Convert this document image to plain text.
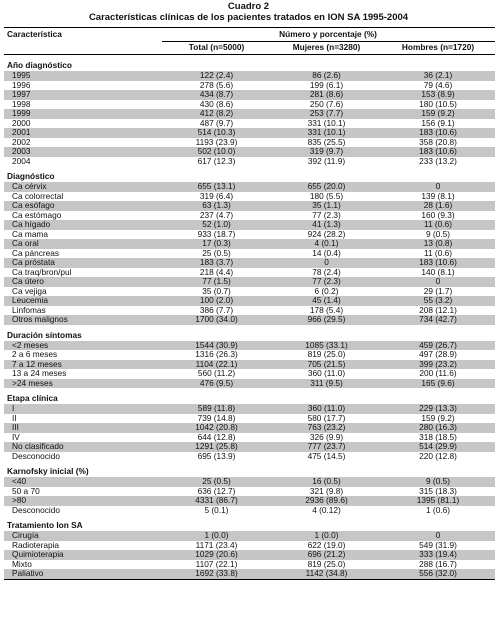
Cuadro 2
Características clínicas de los pacientes tratados en ION SA 1995-2004
Característica	Número y porcentaje (%)		
	Total (n=5000)	Mujeres (n=3280)	Hombres (n=1720)

Año diagnóstico			
1995	122 (2.4)	86 (2.6)	36 (2.1)
1996	278 (5.6)	199 (6.1)	79 (4.6)
1997	434 (8.7)	281 (8.6)	153 (8.9)
1998	430 (8.6)	250 (7.6)	180 (10.5)
1999	412 (8.2)	253 (7.7)	159 (9.2)
2000	487 (9.7)	331 (10.1)	156 (9.1)
2001	514 (10.3)	331 (10.1)	183 (10.6)
2002	1193 (23.9)	835 (25.5)	358 (20.8)
2003	502 (10.0)	319 (9.7)	183 (10.6)
2004	617 (12.3)	392 (11.9)	233 (13.2)

Diagnóstico			
Ca cérvix	655 (13.1)	655 (20.0)	0
Ca colorrectal	319 (6.4)	180 (5.5)	139 (8.1)
Ca esófago	63 (1.3)	35 (1.1)	28 (1.6)
Ca estómago	237 (4.7)	77 (2.3)	160 (9.3)
Ca hígado	52 (1.0)	41 (1.3)	11 (0.6)
Ca mama	933 (18.7)	924 (28.2)	9 (0.5)
Ca oral	17 (0.3)	4 (0.1)	13 (0.8)
Ca páncreas	25 (0.5)	14 (0.4)	11 (0.6)
Ca próstata	183 (3.7)	0	183 (10.6)
Ca traq/bron/pul	218 (4.4)	78 (2.4)	140 (8.1)
Ca útero	77 (1.5)	77 (2.3)	0
Ca vejiga	35 (0.7)	6 (0.2)	29 (1.7)
Leucemia	100 (2.0)	45 (1.4)	55 (3.2)
Linfomas	386 (7.7)	178 (5.4)	208 (12.1)
Otros malignos	1700 (34.0)	966 (29.5)	734 (42.7)

Duración síntomas			
<2 meses	1544 (30.9)	1085 (33.1)	459 (26.7)
2 a 6 meses	1316 (26.3)	819 (25.0)	497 (28.9)
7 a 12 meses	1104 (22.1)	705 (21.5)	399 (23.2)
13 a 24 meses	560 (11.2)	360 (11.0)	200 (11.6)
>24 meses	476 (9.5)	311 (9.5)	165 (9.6)

Etapa clínica			
I	589 (11.8)	360 (11.0)	229 (13.3)
II	739 (14.8)	580 (17.7)	159 (9.2)
III	1042 (20.8)	763 (23.2)	280 (16.3)
IV	644 (12.8)	326 (9.9)	318 (18.5)
No clasificado	1291 (25.8)	777 (23.7)	514 (29.9)
Desconocido	695 (13.9)	475 (14.5)	220 (12.8)

Karnofsky inicial (%)			
<40	25 (0.5)	16 (0.5)	9 (0.5)
50 a 70	636 (12.7)	321 (9.8)	315 (18.3)
>80	4331 (86.7)	2936 (89.6)	1395 (81.1)
Desconocido	5 (0.1)	4 (0.12)	1 (0.6)

Tratamiento Ion SA			
Cirugía	1 (0.0)	1 (0.0)	0
Radioterapia	1171 (23.4)	622 (19.0)	549 (31.9)
Quimioterapia	1029 (20.6)	696 (21.2)	333 (19.4)
Mixto	1107 (22.1)	819 (25.0)	288 (16.7)
Paliativo	1692 (33.8)	1142 (34.8)	556 (32.0)
